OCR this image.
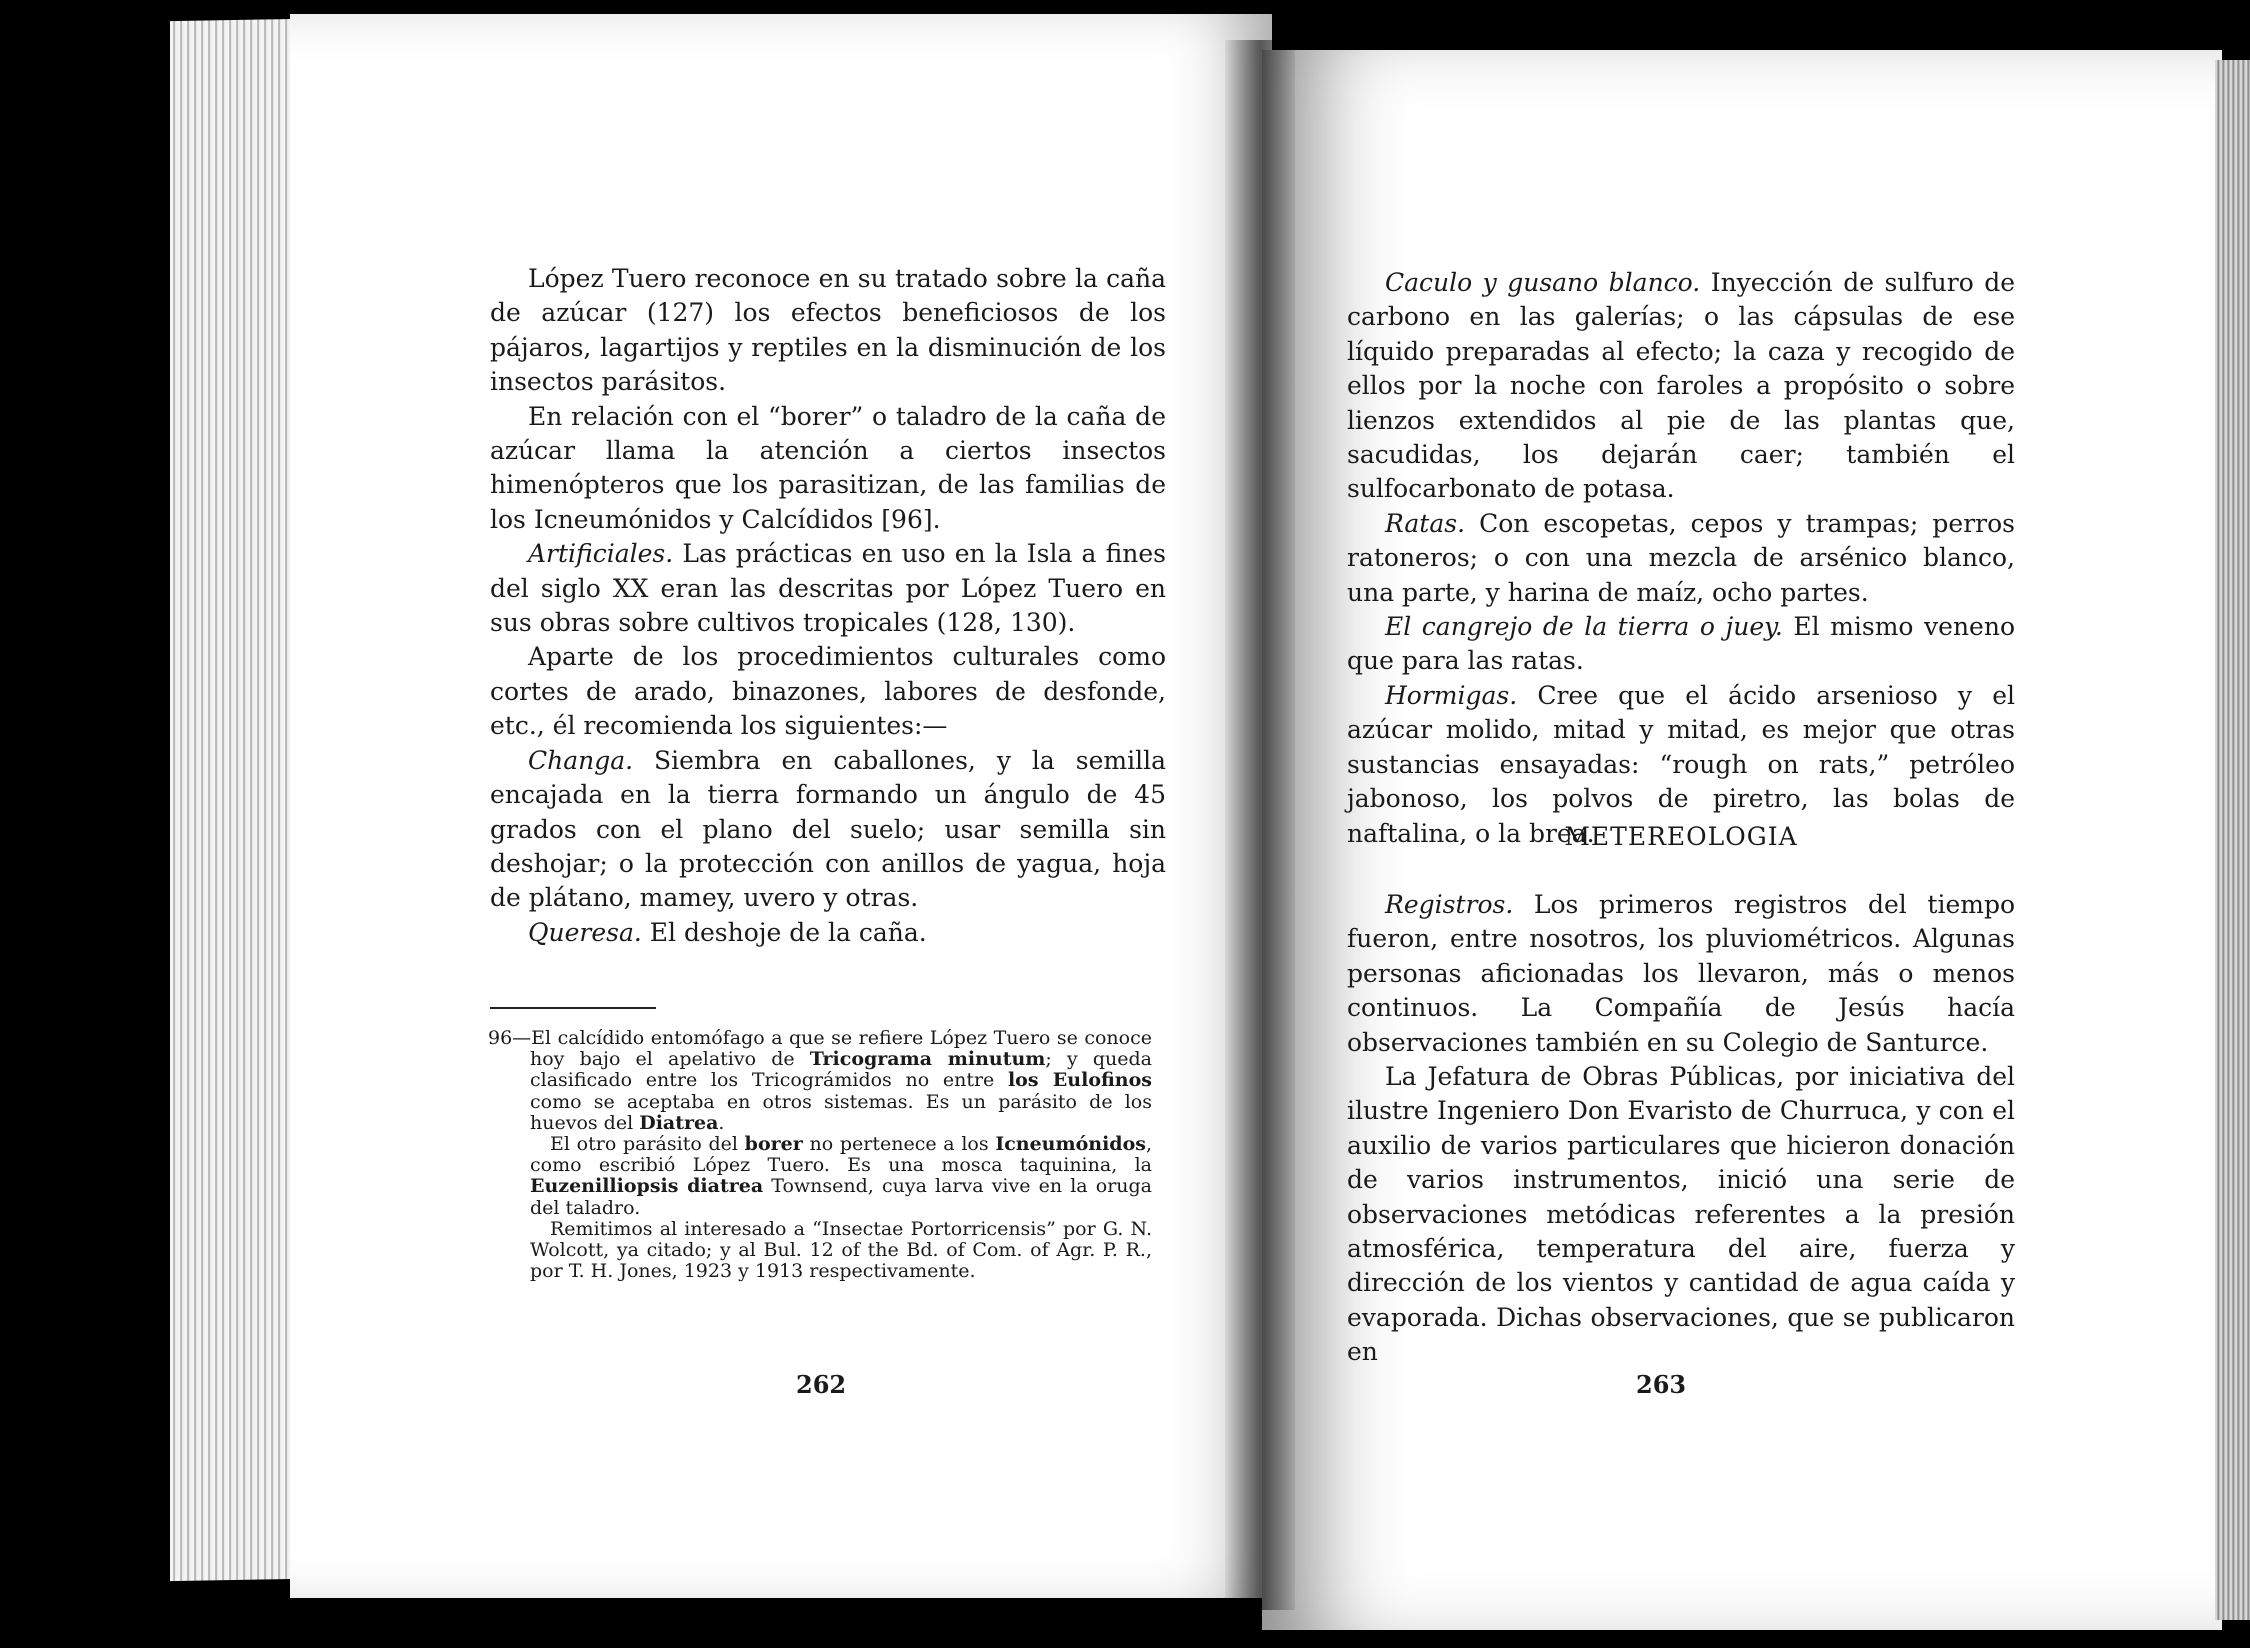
López Tuero reconoce en su tratado sobre la caña de azúcar (127) los efectos beneficiosos de los pájaros, lagartijos y reptiles en la disminución de los insectos parásitos.

En relación con el “borer” o taladro de la caña de azúcar llama la atención a ciertos insectos himenópteros que los parasitizan, de las familias de los Icneumónidos y Calcídidos [96].

Artificiales. Las prácticas en uso en la Isla a fines del siglo XX eran las descritas por López Tuero en sus obras sobre cultivos tropicales (128, 130).

Aparte de los procedimientos culturales como cortes de arado, binazones, labores de desfonde, etc., él recomienda los siguientes:—

Changa. Siembra en caballones, y la semilla encajada en la tierra formando un ángulo de 45 grados con el plano del suelo; usar semilla sin deshojar; o la protección con anillos de yagua, hoja de plátano, mamey, uvero y otras.

Queresa. El deshoje de la caña.

96—El calcídido entomófago a que se refiere López Tuero se conoce hoy bajo el apelativo de Tricograma minutum; y queda clasificado entre los Tricográmidos no entre los Eulofinos como se aceptaba en otros sistemas. Es un parásito de los huevos del Diatrea.

El otro parásito del borer no pertenece a los Icneumónidos, como escribió López Tuero. Es una mosca taquinina, la Euzenilliopsis diatrea Townsend, cuya larva vive en la oruga del taladro.

Remitimos al interesado a “Insectae Portorricensis” por G. N. Wolcott, ya citado; y al Bul. 12 of the Bd. of Com. of Agr. P. R., por T. H. Jones, 1923 y 1913 respectivamente.

262

Caculo y gusano blanco. Inyección de sulfuro de carbono en las galerías; o las cápsulas de ese líquido preparadas al efecto; la caza y recogido de ellos por la noche con faroles a propósito o sobre lienzos extendidos al pie de las plantas que, sacudidas, los dejarán caer; también el sulfocarbonato de potasa.

Ratas. Con escopetas, cepos y trampas; perros ratoneros; o con una mezcla de arsénico blanco, una parte, y harina de maíz, ocho partes.

El cangrejo de la tierra o juey. El mismo veneno que para las ratas.

Hormigas. Cree que el ácido arsenioso y el azúcar molido, mitad y mitad, es mejor que otras sustancias ensayadas: “rough on rats,” petróleo jabonoso, los polvos de piretro, las bolas de naftalina, o la brea.

METEREOLOGIA

Registros. Los primeros registros del tiempo fueron, entre nosotros, los pluviométricos. Algunas personas aficionadas los llevaron, más o menos continuos. La Compañía de Jesús hacía observaciones también en su Colegio de Santurce.

La Jefatura de Obras Públicas, por iniciativa del ilustre Ingeniero Don Evaristo de Churruca, y con el auxilio de varios particulares que hicieron donación de varios instrumentos, inició una serie de observaciones metódicas referentes a la presión atmosférica, temperatura del aire, fuerza y dirección de los vientos y cantidad de agua caída y evaporada. Dichas observaciones, que se publicaron en

263
